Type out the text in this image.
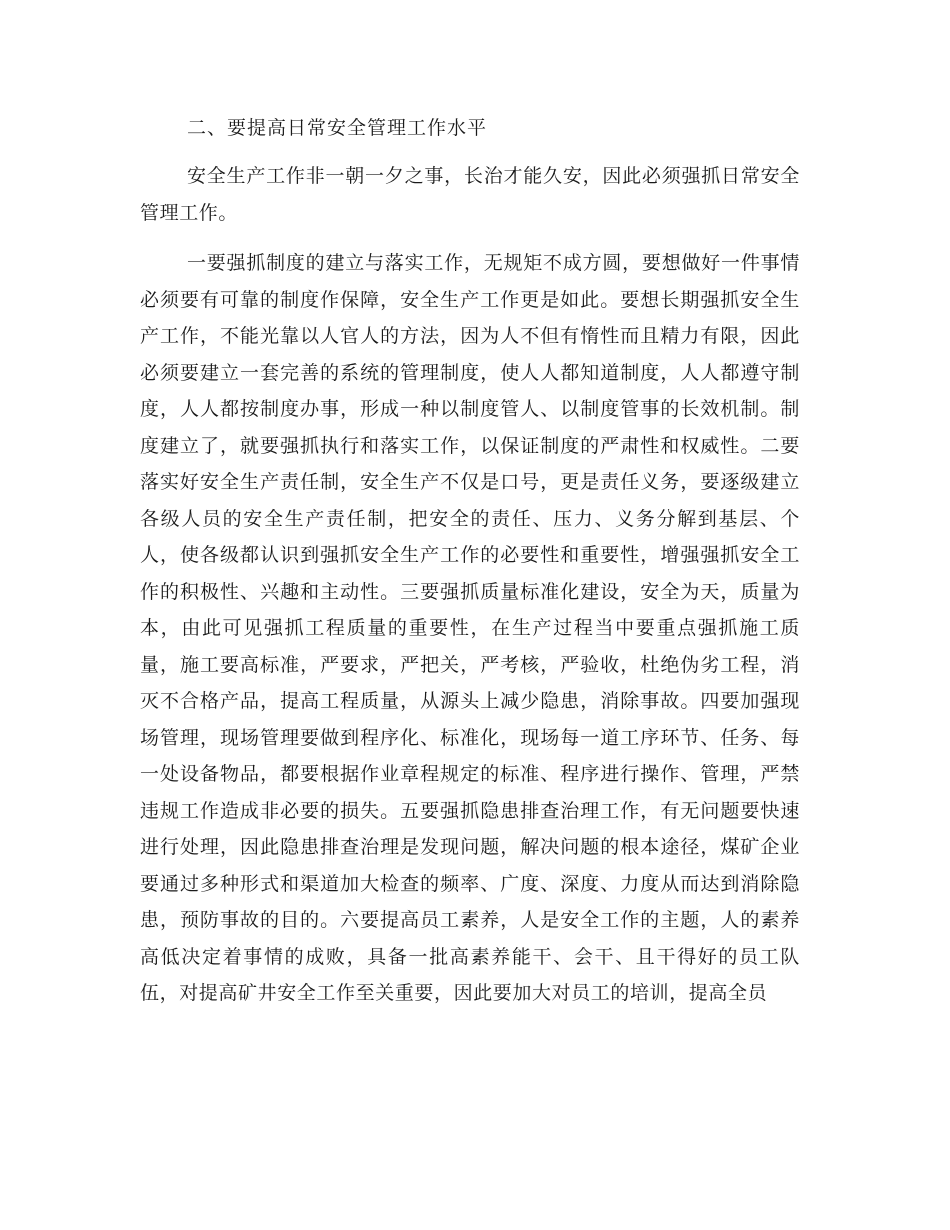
二、要提高日常安全管理工作水平

安全生产工作非一朝一夕之事，长治才能久安，因此必须强抓日常安全管理工作。

一要强抓制度的建立与落实工作，无规矩不成方圆，要想做好一件事情必须要有可靠的制度作保障，安全生产工作更是如此。要想长期强抓安全生产工作，不能光靠以人官人的方法，因为人不但有惰性而且精力有限，因此必须要建立一套完善的系统的管理制度，使人人都知道制度，人人都遵守制度，人人都按制度办事，形成一种以制度管人、以制度管事的长效机制。制度建立了，就要强抓执行和落实工作，以保证制度的严肃性和权威性。二要落实好安全生产责任制，安全生产不仅是口号，更是责任义务，要逐级建立各级人员的安全生产责任制，把安全的责任、压力、义务分解到基层、个人，使各级都认识到强抓安全生产工作的必要性和重要性，增强强抓安全工作的积极性、兴趣和主动性。三要强抓质量标准化建设，安全为天，质量为本，由此可见强抓工程质量的重要性，在生产过程当中要重点强抓施工质量，施工要高标准，严要求，严把关，严考核，严验收，杜绝伪劣工程，消灭不合格产品，提高工程质量，从源头上减少隐患，消除事故。四要加强现场管理，现场管理要做到程序化、标准化，现场每一道工序环节、任务、每一处设备物品，都要根据作业章程规定的标准、程序进行操作、管理，严禁违规工作造成非必要的损失。五要强抓隐患排查治理工作，有无问题要快速进行处理，因此隐患排查治理是发现问题，解决问题的根本途径，煤矿企业要通过多种形式和渠道加大检查的频率、广度、深度、力度从而达到消除隐患，预防事故的目的。六要提高员工素养，人是安全工作的主题，人的素养高低决定着事情的成败，具备一批高素养能干、会干、且干得好的员工队伍，对提高矿井安全工作至关重要，因此要加大对员工的培训，提高全员
